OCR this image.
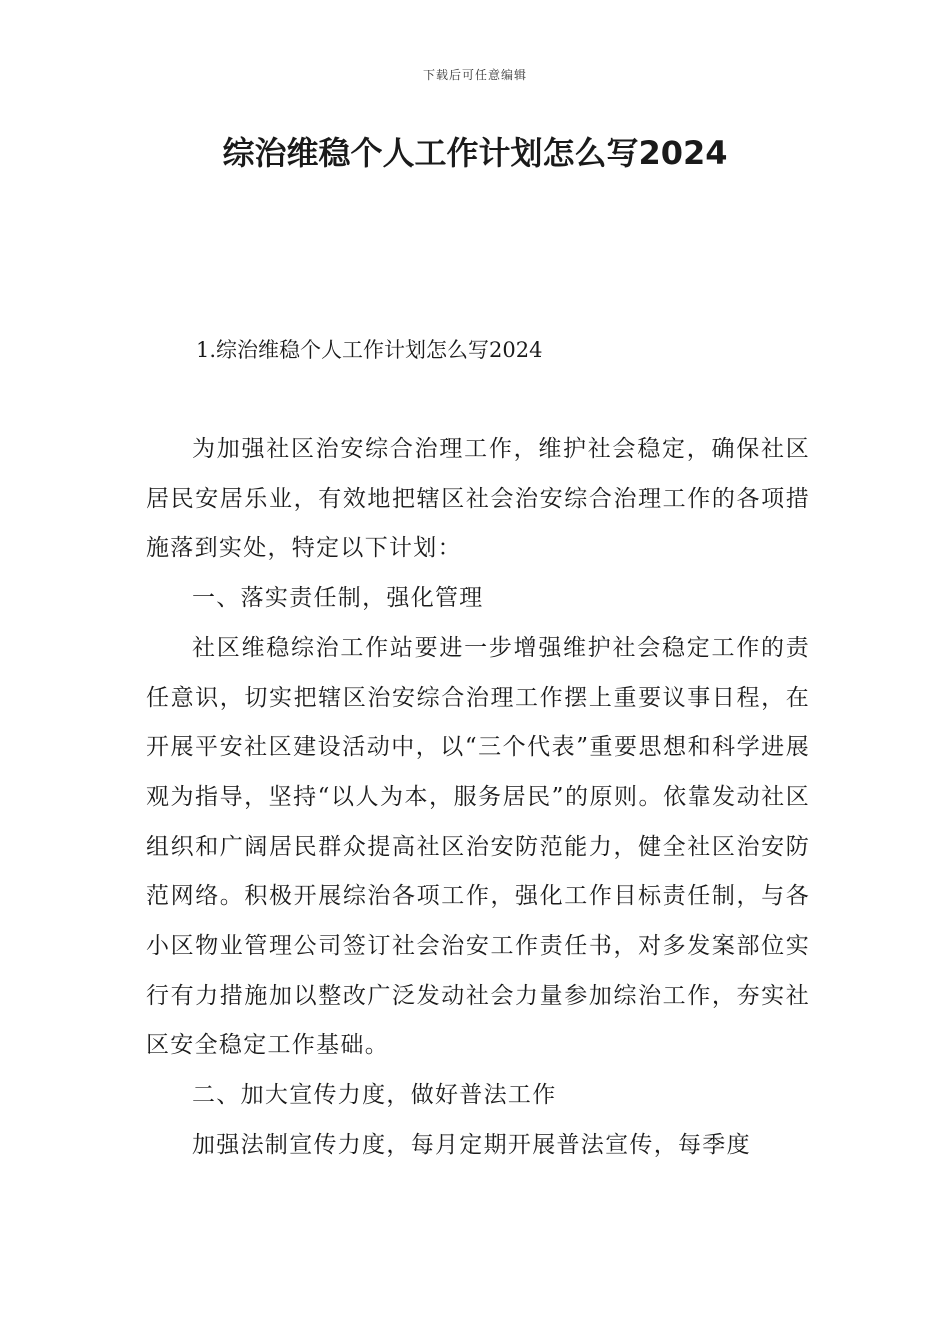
下载后可任意编辑
综治维稳个人工作计划怎么写2024
1.综治维稳个人工作计划怎么写2024

为加强社区治安综合治理工作，维护社会稳定，确保社区居民安居乐业，有效地把辖区社会治安综合治理工作的各项措施落到实处，特定以下计划：

一、落实责任制，强化管理

社区维稳综治工作站要进一步增强维护社会稳定工作的责任意识，切实把辖区治安综合治理工作摆上重要议事日程，在开展平安社区建设活动中，以“三个代表”重要思想和科学进展观为指导，坚持“以人为本，服务居民”的原则。依靠发动社区组织和广阔居民群众提高社区治安防范能力，健全社区治安防范网络。积极开展综治各项工作，强化工作目标责任制，与各小区物业管理公司签订社会治安工作责任书，对多发案部位实行有力措施加以整改广泛发动社会力量参加综治工作，夯实社区安全稳定工作基础。

二、加大宣传力度，做好普法工作

加强法制宣传力度，每月定期开展普法宣传，每季度
